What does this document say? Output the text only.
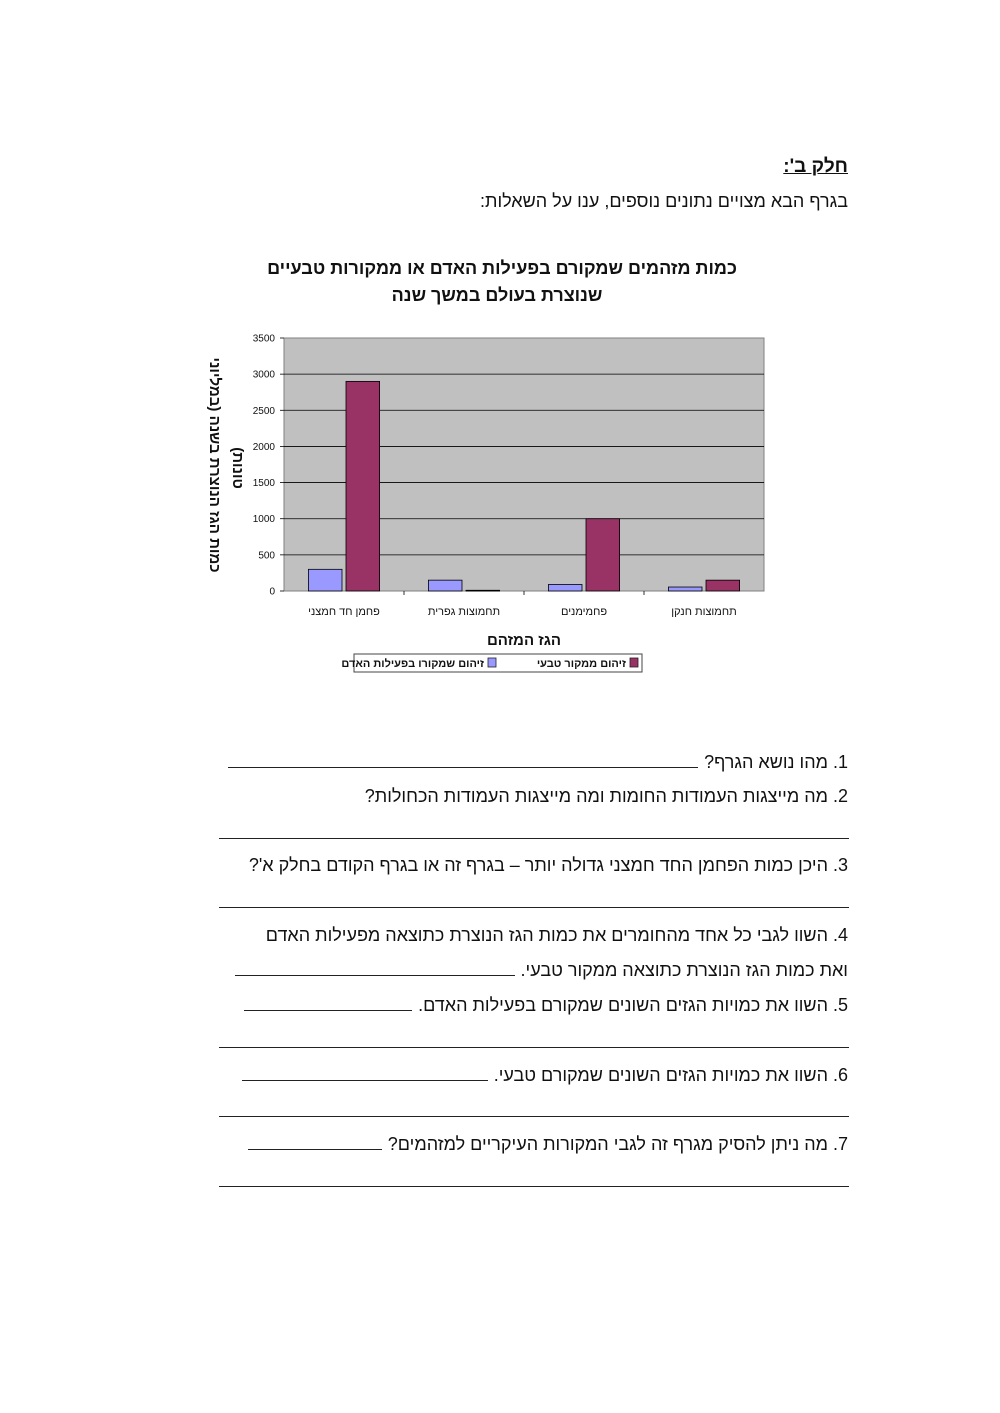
חלק ב':
בגרף הבא מצויים נתונים נוספים, ענו על השאלות:
כמות מזהמים שמקורם בפעילות האדם או ממקורות טבעיים
שנוצרת בעולם במשך שנה
3500
3000
2500
2000
1500
1000
500
0
פחמן חד חמצני	תחמוצות גפרית	פחמימנים	תחמוצות חנקן
כמות הגז הנוצרת בשנה (במליוני טונות)
הגז המזהם
זיהום ממקור טבעי
זיהום שמקורו בפעילות האדם
1. מהו נושא הגרף?
2. מה מייצגות העמודות החומות ומה מייצגות העמודות הכחולות?
3. היכן כמות הפחמן החד חמצני גדולה יותר – בגרף זה או בגרף הקודם בחלק א'?
4. השוו לגבי כל אחד מהחומרים את כמות הגז הנוצרת כתוצאה מפעילות האדם
ואת כמות הגז הנוצרת כתוצאה ממקור טבעי.
5. השוו את כמויות הגזים השונים שמקורם בפעילות האדם.
6. השוו את כמויות הגזים השונים שמקורם טבעי.
7. מה ניתן להסיק מגרף זה לגבי המקורות העיקריים למזהמים?
